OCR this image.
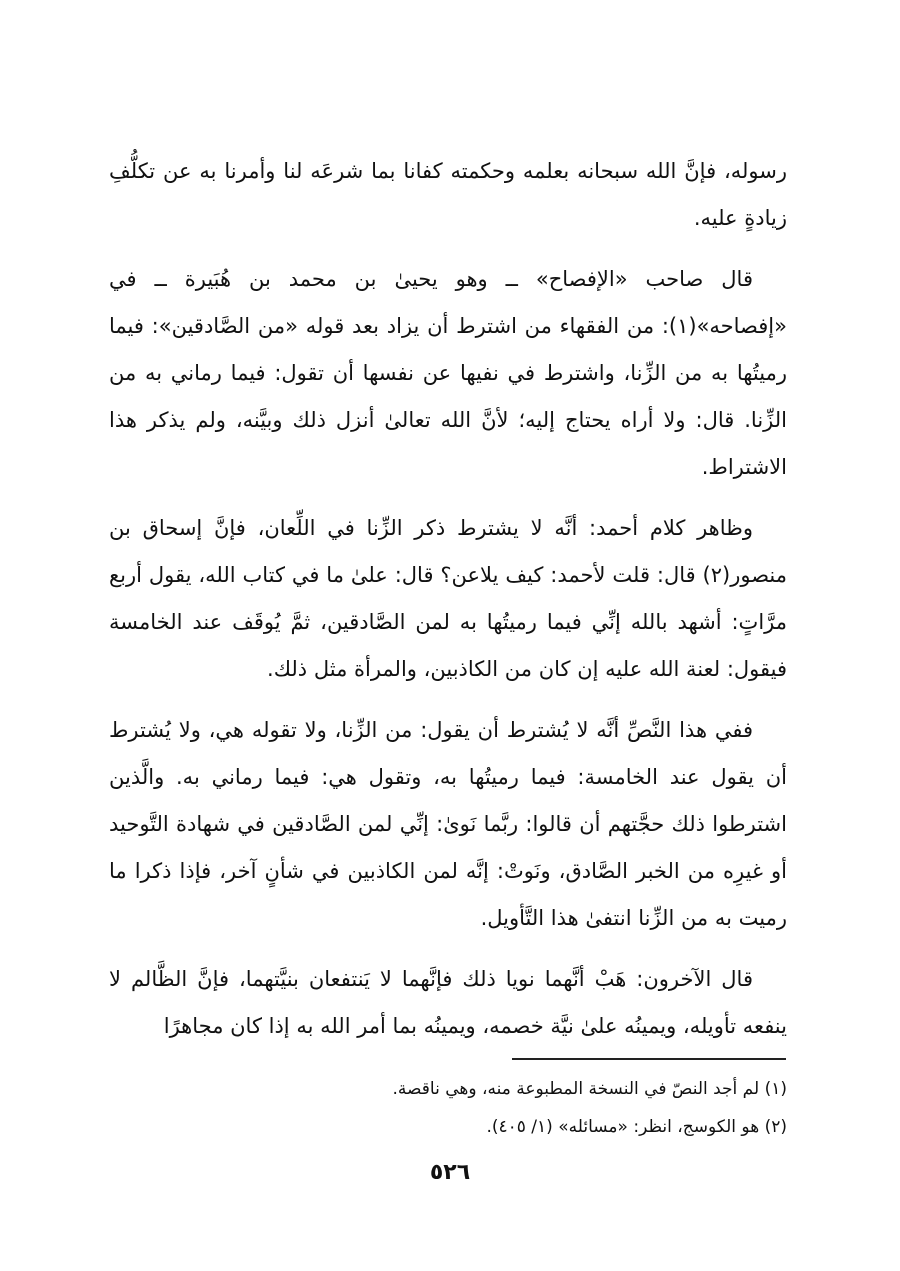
رسوله، فإنَّ الله سبحانه بعلمه وحكمته كفانا بما شرعَه لنا وأمرنا به عن تكلُّفِ زيادةٍ عليه.

قال صاحب «الإفصاح» ــ وهو يحيىٰ بن محمد بن هُبَيرة ــ في «إفصاحه»(١): من الفقهاء من اشترط أن يزاد بعد قوله «من الصَّادقين»: فيما رميتُها به من الزِّنا، واشترط في نفيها عن نفسها أن تقول: فيما رماني به من الزِّنا. قال: ولا أراه يحتاج إليه؛ لأنَّ الله تعالىٰ أنزل ذلك وبيَّنه، ولم يذكر هذا الاشتراط.

وظاهر كلام أحمد: أنَّه لا يشترط ذكر الزِّنا في اللِّعان، فإنَّ إسحاق بن منصور(٢) قال: قلت لأحمد: كيف يلاعن؟ قال: علىٰ ما في كتاب الله، يقول أربع مرَّاتٍ: أشهد بالله إنِّي فيما رميتُها به لمن الصَّادقين، ثمَّ يُوقَف عند الخامسة فيقول: لعنة الله عليه إن كان من الكاذبين، والمرأة مثل ذلك.

ففي هذا النَّصِّ أنَّه لا يُشترط أن يقول: من الزِّنا، ولا تقوله هي، ولا يُشترط أن يقول عند الخامسة: فيما رميتُها به، وتقول هي: فيما رماني به. والَّذين اشترطوا ذلك حجَّتهم أن قالوا: ربَّما نَوىٰ: إنِّي لمن الصَّادقين في شهادة التَّوحيد أو غيرِه من الخبر الصَّادق، ونَوتْ: إنَّه لمن الكاذبين في شأنٍ آخر، فإذا ذكرا ما رميت به من الزِّنا انتفىٰ هذا التَّأويل.

قال الآخرون: هَبْ أنَّهما نويا ذلك فإنَّهما لا يَنتفعان بنيَّتهما، فإنَّ الظَّالم لا ينفعه تأويله، ويمينُه علىٰ نيَّة خصمه، ويمينُه بما أمر الله به إذا كان مجاهرًا

(١) لم أجد النصّ في النسخة المطبوعة منه، وهي ناقصة.

(٢) هو الكوسج، انظر: «مسائله» (١/ ٤٠٥).

٥٢٦
